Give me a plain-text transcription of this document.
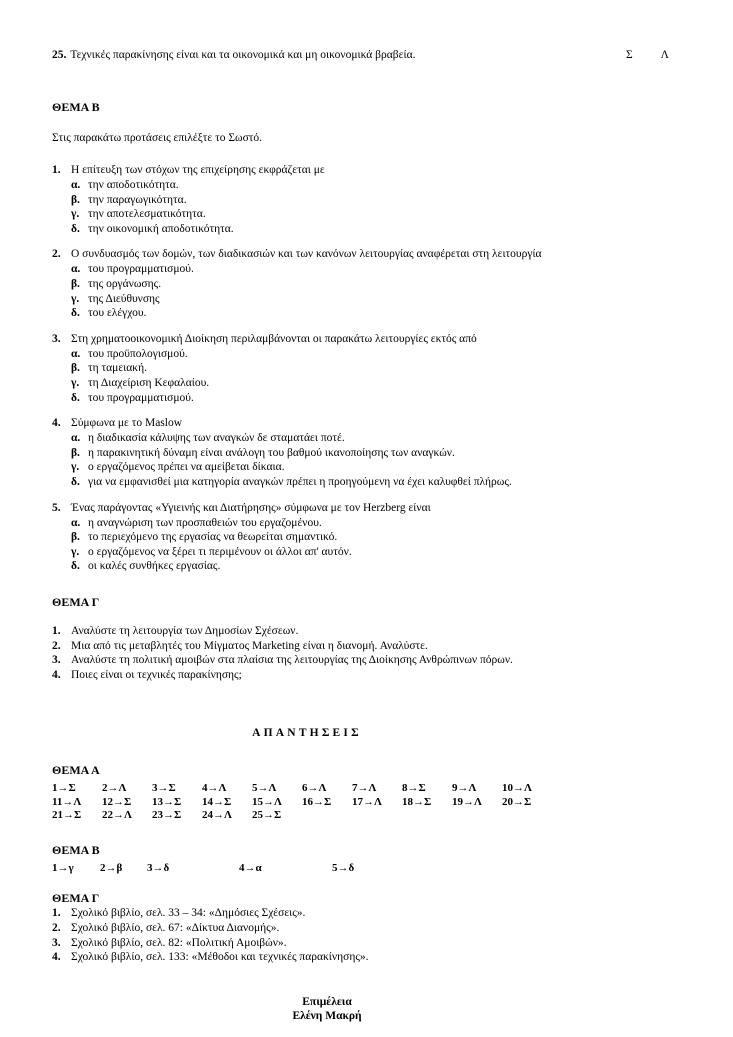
25. Τεχνικές παρακίνησης είναι και τα οικονομικά και μη οικονομικά βραβεία.	Σ Λ
ΘΕΜΑ Β
Στις παρακάτω προτάσεις επιλέξτε το Σωστό.
1. Η επίτευξη των στόχων της επιχείρησης εκφράζεται με
α. την αποδοτικότητα.
β. την παραγωγικότητα.
γ. την αποτελεσματικότητα.
δ. την οικονομική αποδοτικότητα.
2. Ο συνδυασμός των δομών, των διαδικασιών και των κανόνων λειτουργίας αναφέρεται στη λειτουργία
α. του προγραμματισμού.
β. της οργάνωσης.
γ. της Διεύθυνσης
δ. του ελέγχου.
3. Στη χρηματοοικονομική Διοίκηση περιλαμβάνονται οι παρακάτω λειτουργίες εκτός από
α. του προϋπολογισμού.
β. τη ταμειακή.
γ. τη Διαχείριση Κεφαλαίου.
δ. του προγραμματισμού.
4. Σύμφωνα με το Maslow
α. η διαδικασία κάλυψης των αναγκών δε σταματάει ποτέ.
β. η παρακινητική δύναμη είναι ανάλογη του βαθμού ικανοποίησης των αναγκών.
γ. ο εργαζόμενος πρέπει να αμείβεται δίκαια.
δ. για να εμφανισθεί μια κατηγορία αναγκών πρέπει η προηγούμενη να έχει καλυφθεί πλήρως.
5. Ένας παράγοντας «Υγιεινής και Διατήρησης» σύμφωνα με τον Herzberg είναι
α. η αναγνώριση των προσπαθειών του εργαζομένου.
β. το περιεχόμενο της εργασίας να θεωρείται σημαντικό.
γ. ο εργαζόμενος να ξέρει τι περιμένουν οι άλλοι απ' αυτόν.
δ. οι καλές συνθήκες εργασίας.
ΘΕΜΑ Γ
1. Αναλύστε τη λειτουργία των Δημοσίων Σχέσεων.
2. Μια από τις μεταβλητές του Μίγματος Marketing είναι η διανομή. Αναλύστε.
3. Αναλύστε τη πολιτική αμοιβών στα πλαίσια της λειτουργίας της Διοίκησης Ανθρώπινων πόρων.
4. Ποιες είναι οι τεχνικές παρακίνησης;
ΑΠΑΝΤΗΣΕΙΣ
ΘΕΜΑ Α
1→Σ	2→Λ	3→Σ	4→Λ	5→Λ	6→Λ	7→Λ	8→Σ	9→Λ	10→Λ
11→Λ	12→Σ	13→Σ	14→Σ	15→Λ	16→Σ	17→Λ	18→Σ	19→Λ	20→Σ
21→Σ	22→Λ	23→Σ	24→Λ	25→Σ
ΘΕΜΑ Β
1→γ	2→β	3→δ	4→α	5→δ
ΘΕΜΑ Γ
1. Σχολικό βιβλίο, σελ. 33 – 34: «Δημόσιες Σχέσεις».
2. Σχολικό βιβλίο, σελ. 67: «Δίκτυα Διανομής».
3. Σχολικό βιβλίο, σελ. 82: «Πολιτική Αμοιβών».
4. Σχολικό βιβλίο, σελ. 133: «Μέθοδοι και τεχνικές παρακίνησης».
Επιμέλεια
Ελένη Μακρή
